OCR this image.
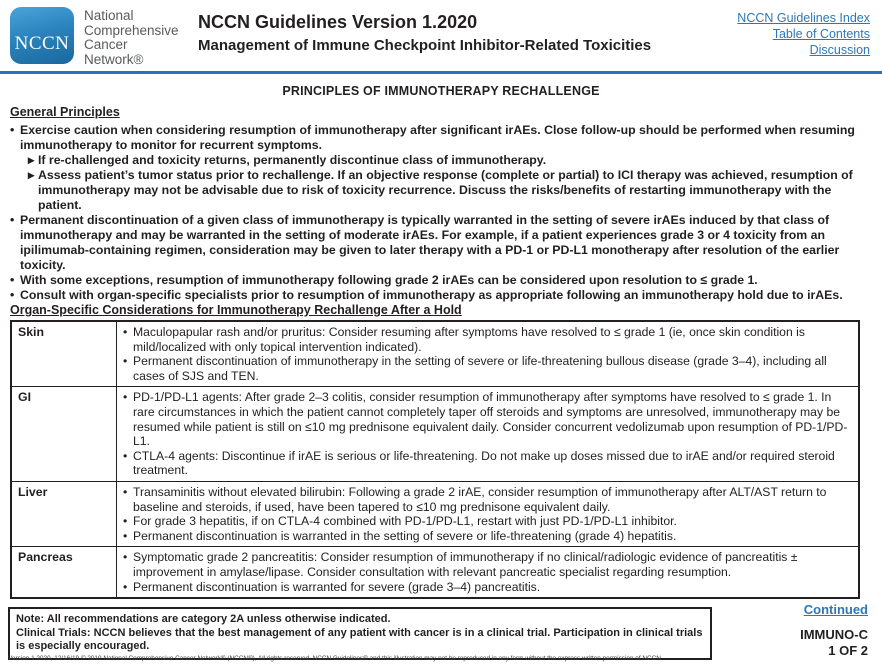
NCCN
National
Comprehensive
Cancer
Network®
NCCN Guidelines Version 1.2020
Management of Immune Checkpoint Inhibitor-Related Toxicities
NCCN Guidelines Index
Table of Contents
Discussion
PRINCIPLES OF IMMUNOTHERAPY RECHALLENGE
General Principles
• Exercise caution when considering resumption of immunotherapy after significant irAEs. Close follow-up should be performed when resuming immunotherapy to monitor for recurrent symptoms.
▸ If re-challenged and toxicity returns, permanently discontinue class of immunotherapy.
▸ Assess patient’s tumor status prior to rechallenge. If an objective response (complete or partial) to ICI therapy was achieved, resumption of immunotherapy may not be advisable due to risk of toxicity recurrence. Discuss the risks/benefits of restarting immunotherapy with the patient.
• Permanent discontinuation of a given class of immunotherapy is typically warranted in the setting of severe irAEs induced by that class of immunotherapy and may be warranted in the setting of moderate irAEs. For example, if a patient experiences grade 3 or 4 toxicity from an ipilimumab-containing regimen, consideration may be given to later therapy with a PD-1 or PD-L1 monotherapy after resolution of the earlier toxicity.
• With some exceptions, resumption of immunotherapy following grade 2 irAEs can be considered upon resolution to ≤ grade 1.
• Consult with organ-specific specialists prior to resumption of immunotherapy as appropriate following an immunotherapy hold due to irAEs.
Organ-Specific Considerations for Immunotherapy Rechallenge After a Hold
Skin	• Maculopapular rash and/or pruritus: Consider resuming after symptoms have resolved to ≤ grade 1 (ie, once skin condition is mild/localized with only topical intervention indicated).
• Permanent discontinuation of immunotherapy in the setting of severe or life-threatening bullous disease (grade 3–4), including all cases of SJS and TEN.
GI	• PD-1/PD-L1 agents: After grade 2–3 colitis, consider resumption of immunotherapy after symptoms have resolved to ≤ grade 1. In rare circumstances in which the patient cannot completely taper off steroids and symptoms are unresolved, immunotherapy may be resumed while patient is still on ≤10 mg prednisone equivalent daily. Consider concurrent vedolizumab upon resumption of PD-1/PD-L1.
• CTLA-4 agents: Discontinue if irAE is serious or life-threatening. Do not make up doses missed due to irAE and/or required steroid treatment.
Liver	• Transaminitis without elevated bilirubin: Following a grade 2 irAE, consider resumption of immunotherapy after ALT/AST return to baseline and steroids, if used, have been tapered to ≤10 mg prednisone equivalent daily.
• For grade 3 hepatitis, if on CTLA-4 combined with PD-1/PD-L1, restart with just PD-1/PD-L1 inhibitor.
• Permanent discontinuation is warranted in the setting of severe or life-threatening (grade 4) hepatitis.
Pancreas	• Symptomatic grade 2 pancreatitis: Consider resumption of immunotherapy if no clinical/radiologic evidence of pancreatitis ± improvement in amylase/lipase. Consider consultation with relevant pancreatic specialist regarding resumption.
• Permanent discontinuation is warranted for severe (grade 3–4) pancreatitis.
Note: All recommendations are category 2A unless otherwise indicated.
Clinical Trials: NCCN believes that the best management of any patient with cancer is in a clinical trial. Participation in clinical trials is especially encouraged.
Continued
IMMUNO-C
1 OF 2
Version 1.2020, 12/16/19 © 2019 National Comprehensive Cancer Network® (NCCN®), All rights reserved. NCCN Guidelines® and this illustration may not be reproduced in any form without the express written permission of NCCN.
